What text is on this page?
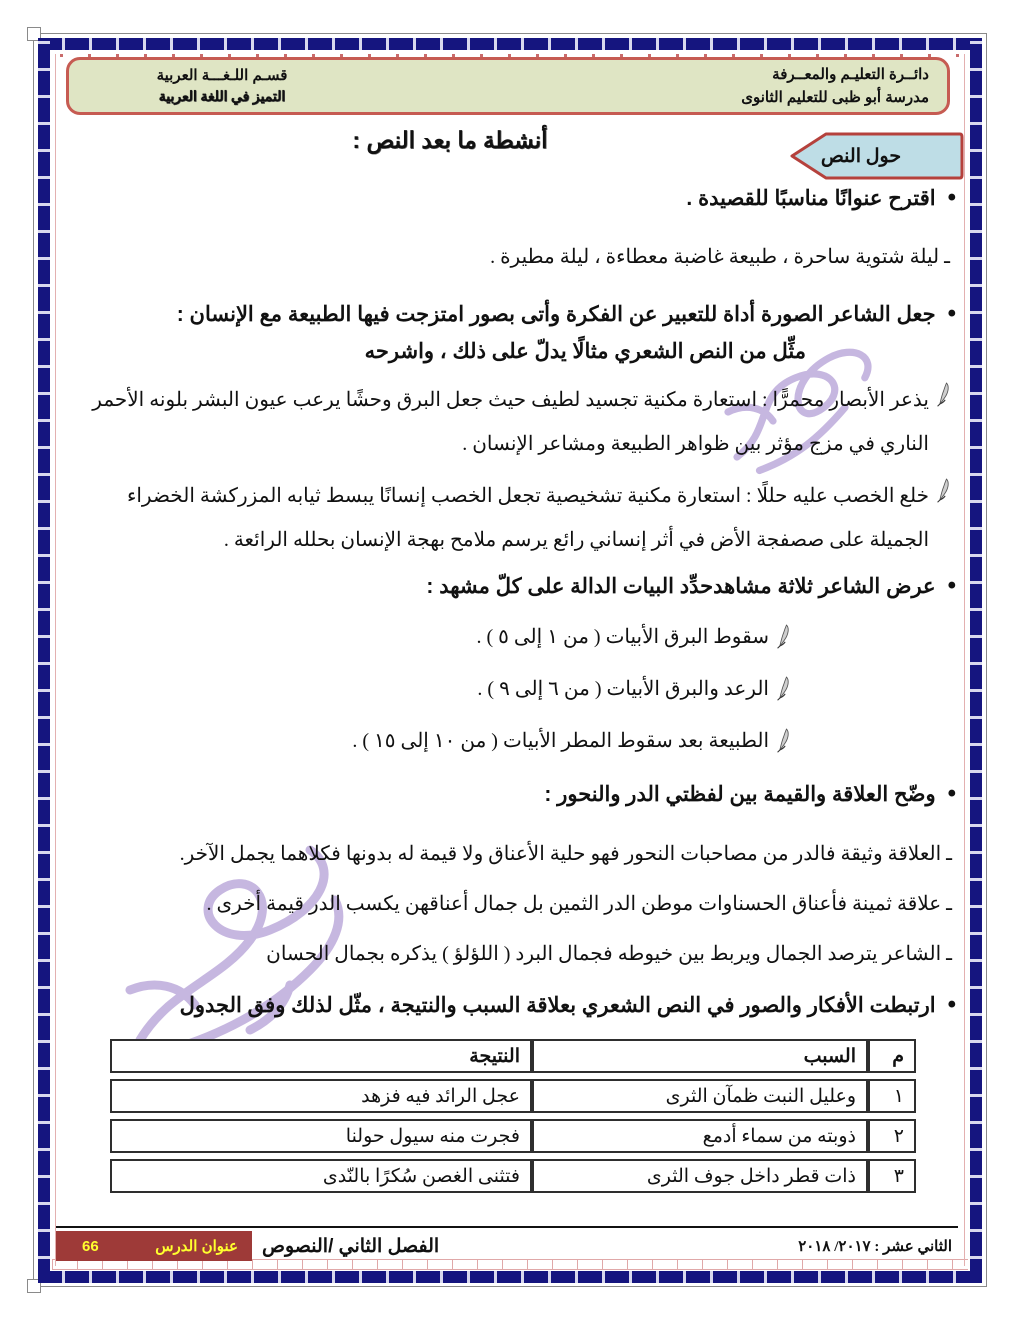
دائــرة التعليـم والمعــرفة
مدرسة أبو ظبى للتعليم الثانوى
قسـم اللـغـــة العربية
التميز في اللغة العربية
أنشطة ما بعد النص :
حول النص
•
اقترح عنوانًا مناسبًا للقصيدة .
ـ ليلة شتوية ساحرة ، طبيعة غاضبة معطاءة ، ليلة مطيرة .
•
جعل الشاعر الصورة أداة للتعبير عن الفكرة وأتى بصور امتزجت فيها الطبيعة مع الإنسان :
مثِّل من النص الشعري مثالًا يدلّ على ذلك ، واشرحه
يذعر الأبصار محمرًّا : استعارة مكنية تجسيد لطيف حيث جعل البرق وحشًا يرعب عيون البشر بلونه الأحمر الناري في مزج مؤثر بين ظواهر الطبيعة ومشاعر الإنسان .
خلع الخصب عليه حللًا : استعارة مكنية تشخيصية تجعل الخصب إنسانًا يبسط ثيابه المزركشة الخضراء الجميلة على صصفجة الأض في أثر إنساني رائع يرسم ملامح بهجة الإنسان بحلله الرائعة .
•
عرض الشاعر ثلاثة مشاهدحدِّد البيات الدالة على كلّ مشهد :
سقوط البرق الأبيات ( من ١ إلى ٥ ) .
الرعد والبرق الأبيات ( من ٦ إلى ٩ ) .
الطبيعة بعد سقوط المطر الأبيات ( من ١٠ إلى ١٥ ) .
•
وضّح العلاقة والقيمة بين لفظتي الدر والنحور :
ـ العلاقة وثيقة فالدر من مصاحبات النحور فهو حلية الأعناق ولا قيمة له بدونها فكلاهما يجمل الآخر.
ـ علاقة ثمينة فأعناق الحسناوات موطن الدر الثمين بل جمال أعناقهن يكسب الدر قيمة أخرى .
ـ الشاعر يترصد الجمال ويربط بين خيوطه فجمال البرد ( اللؤلؤ ) يذكره بجمال الحسان
•
ارتبطت الأفكار والصور في النص الشعري بعلاقة السبب والنتيجة ، مثّل لذلك وفق الجدول
م	السبب	النتيجة
١	وعليل النبت ظمآن الثرى	عجل الرائد فيه فزهد
٢	ذوبته من سماء أدمع	فجرت منه سيول حولنا
٣	ذات قطر داخل جوف الثرى	فتثنى الغصن سُكرًا بالنّدى
الثاني عشر : ٢٠١٧/ ٢٠١٨
الفصل الثاني /النصوص
عنوان الدرس
66
